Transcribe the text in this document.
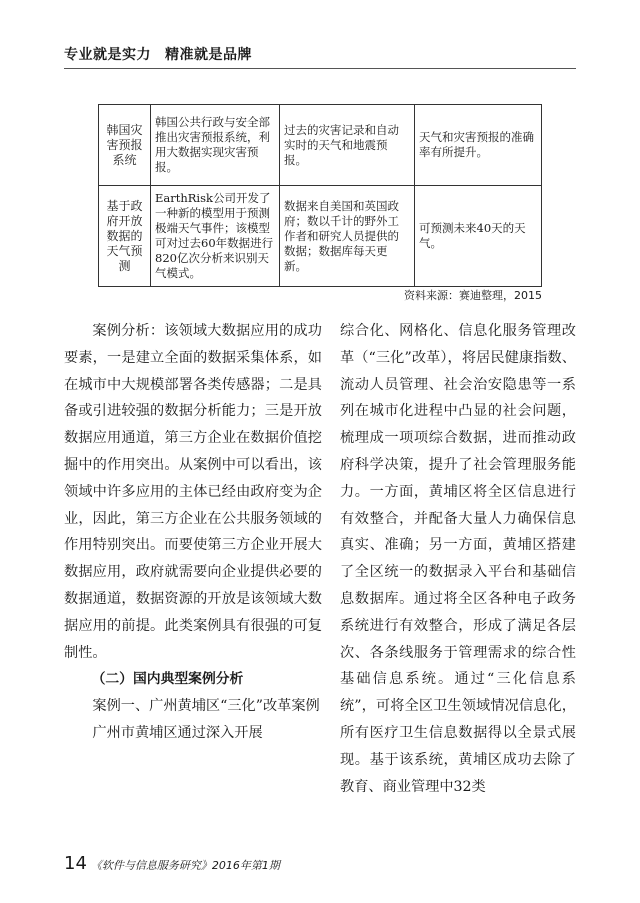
专业就是实力 精准就是品牌
韩国灾害预报系统	韩国公共行政与安全部推出灾害预报系统，利用大数据实现灾害预报。	过去的灾害记录和自动实时的天气和地震预报。	天气和灾害预报的准确率有所提升。
基于政府开放数据的天气预测	EarthRisk公司开发了一种新的模型用于预测极端天气事件；该模型可对过去60年数据进行820亿次分析来识别天气模式。	数据来自美国和英国政府；数以千计的野外工作者和研究人员提供的数据；数据库每天更新。	可预测未来40天的天气。
资料来源：赛迪整理，2015

案例分析：该领域大数据应用的成功要素，一是建立全面的数据采集体系，如在城市中大规模部署各类传感器；二是具备或引进较强的数据分析能力；三是开放数据应用通道，第三方企业在数据价值挖掘中的作用突出。从案例中可以看出，该领域中许多应用的主体已经由政府变为企业，因此，第三方企业在公共服务领域的作用特别突出。而要使第三方企业开展大数据应用，政府就需要向企业提供必要的数据通道，数据资源的开放是该领域大数据应用的前提。此类案例具有很强的可复制性。

（二）国内典型案例分析

案例一、广州黄埔区“三化”改革案例

广州市黄埔区通过深入开展

综合化、网格化、信息化服务管理改革（“三化”改革），将居民健康指数、流动人员管理、社会治安隐患等一系列在城市化进程中凸显的社会问题，梳理成一项项综合数据，进而推动政府科学决策，提升了社会管理服务能力。一方面，黄埔区将全区信息进行有效整合，并配备大量人力确保信息真实、准确；另一方面，黄埔区搭建了全区统一的数据录入平台和基础信息数据库。通过将全区各种电子政务系统进行有效整合，形成了满足各层次、各条线服务于管理需求的综合性基础信息系统。通过“三化信息系统”，可将全区卫生领域情况信息化，所有医疗卫生信息数据得以全景式展现。基于该系统，黄埔区成功去除了教育、商业管理中32类

14 《软件与信息服务研究》2016年第1期
